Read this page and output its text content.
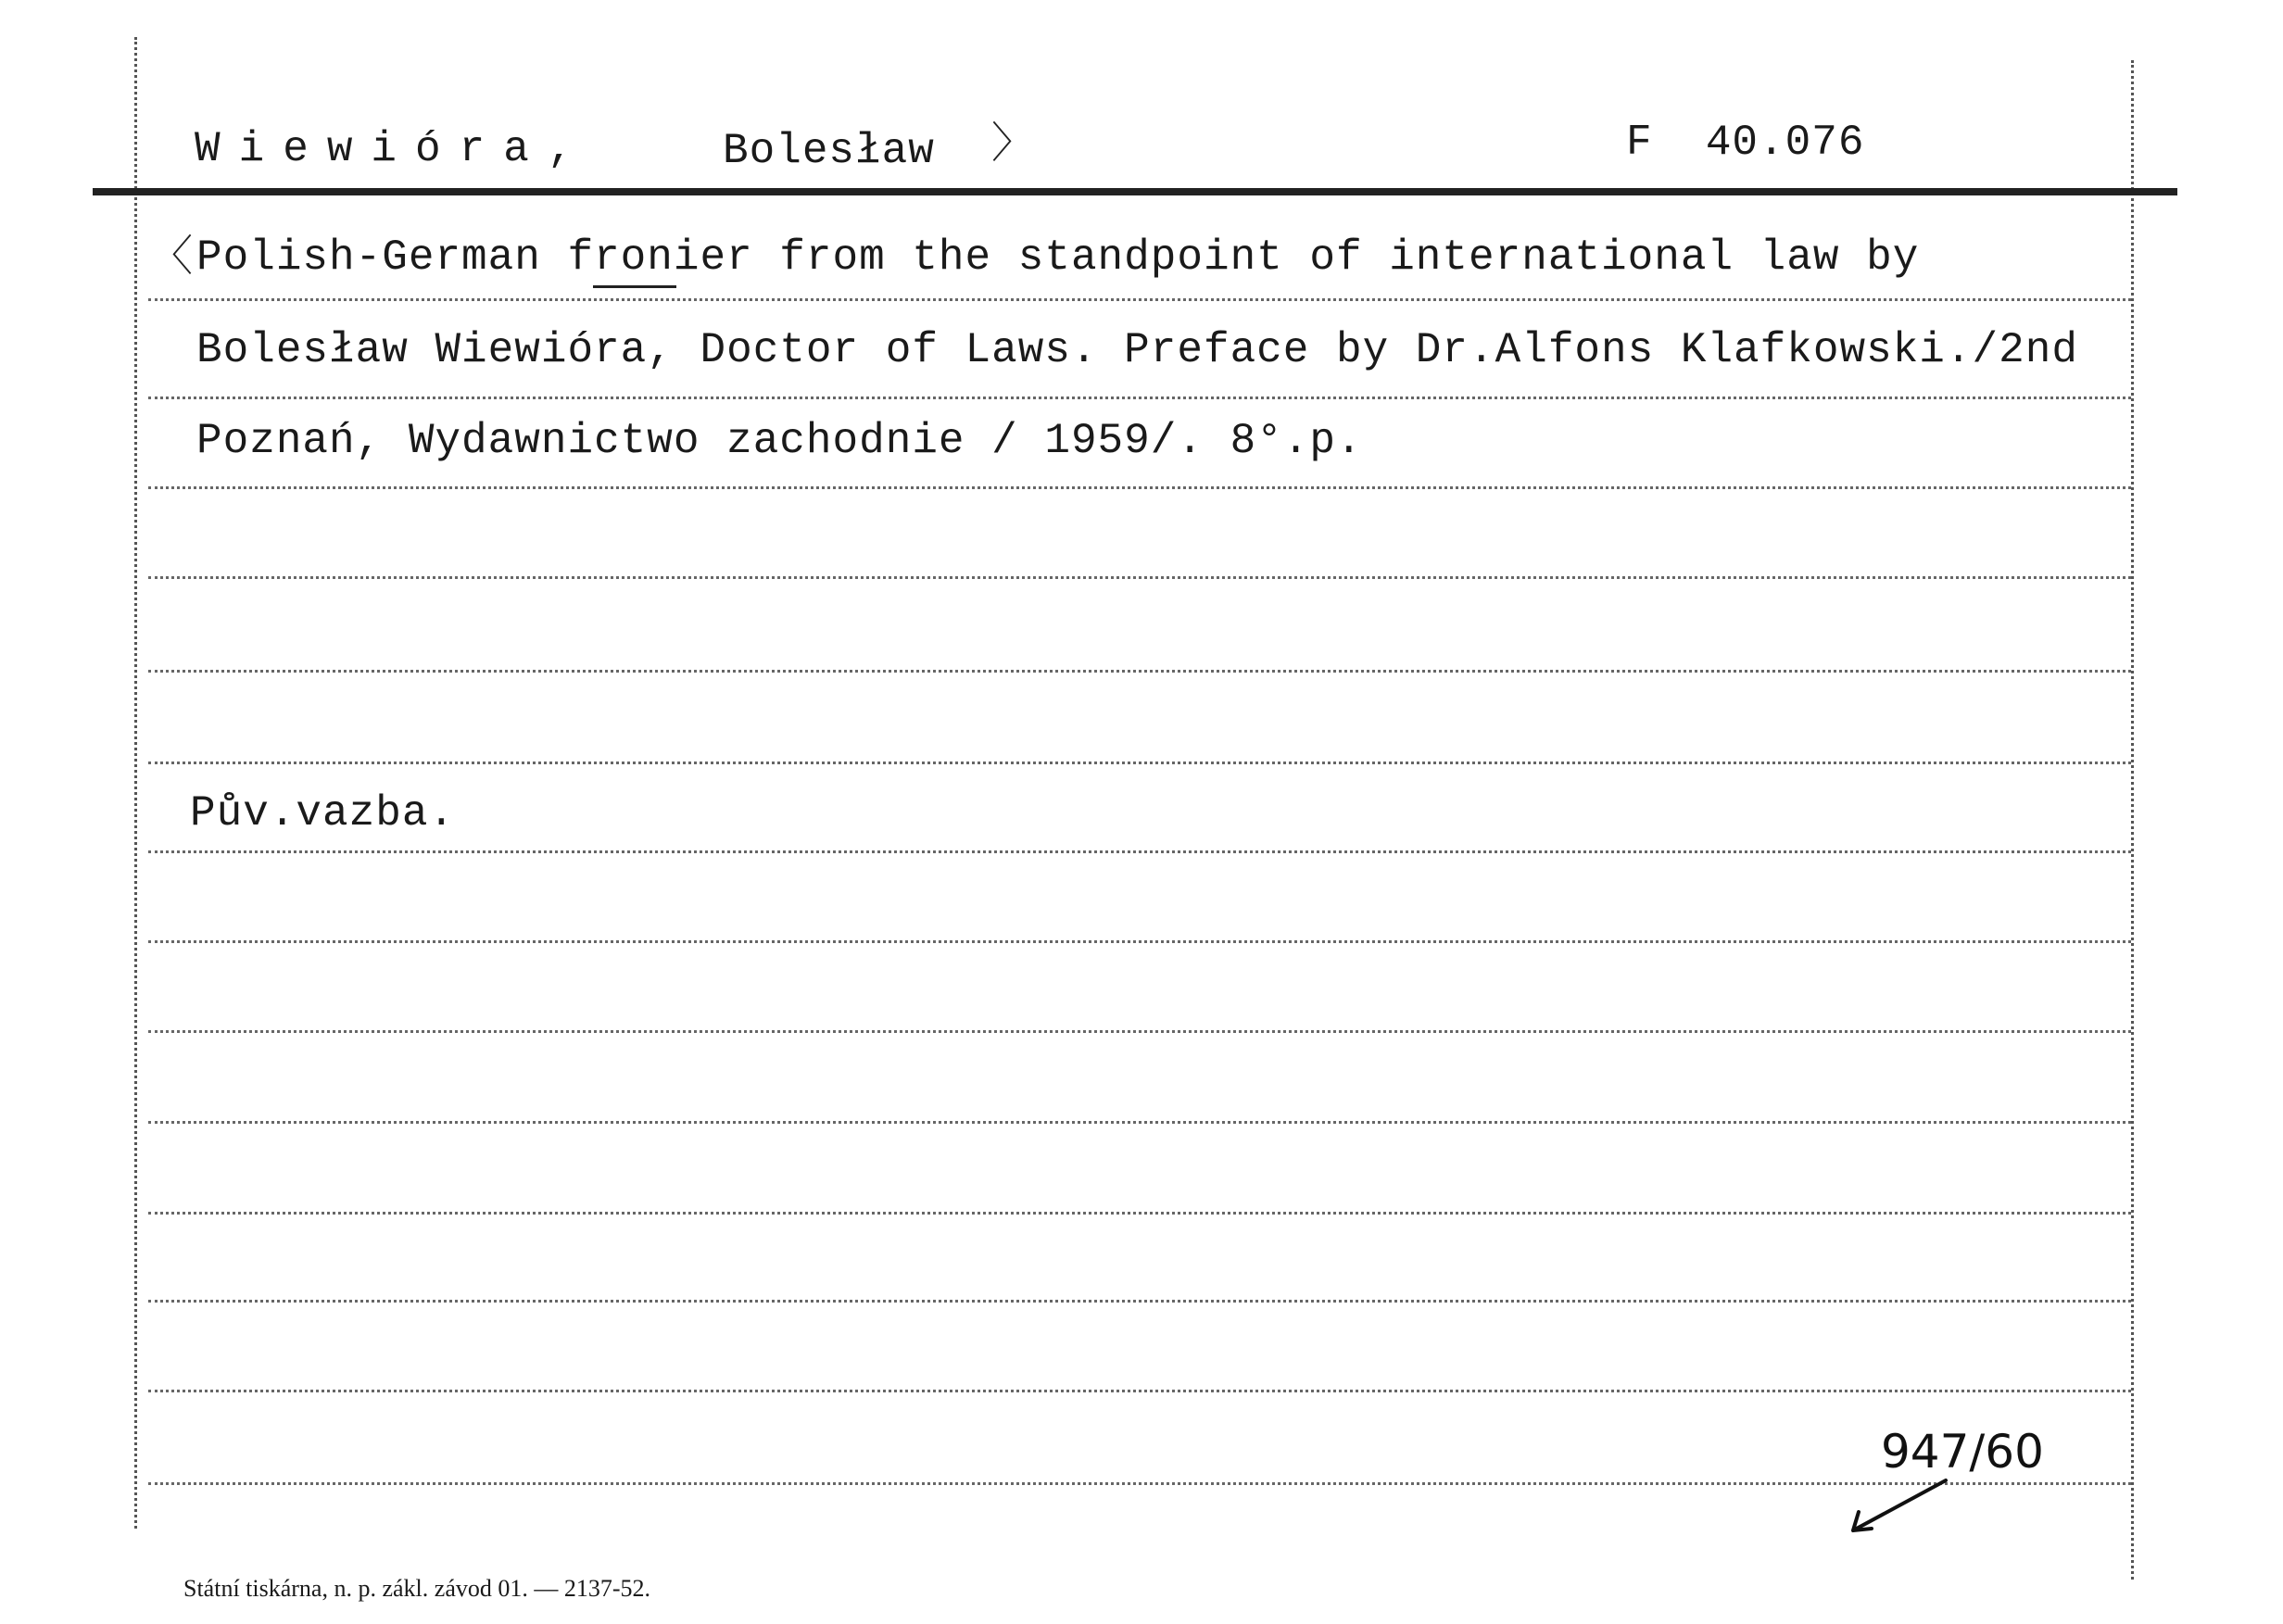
Wiewióra,	Bolesław 〉	F  40.076
〈 Polish-German fronier from the standpoint of international law by
Bolesław Wiewióra, Doctor of Laws. Preface by Dr.Alfons Klafkowski./2nd
Poznań, Wydawnictwo zachodnie / 1959/. 8°.p.
Pův.vazba.
947/60
Státní tiskárna, n. p. zákl. závod 01. — 2137-52.
